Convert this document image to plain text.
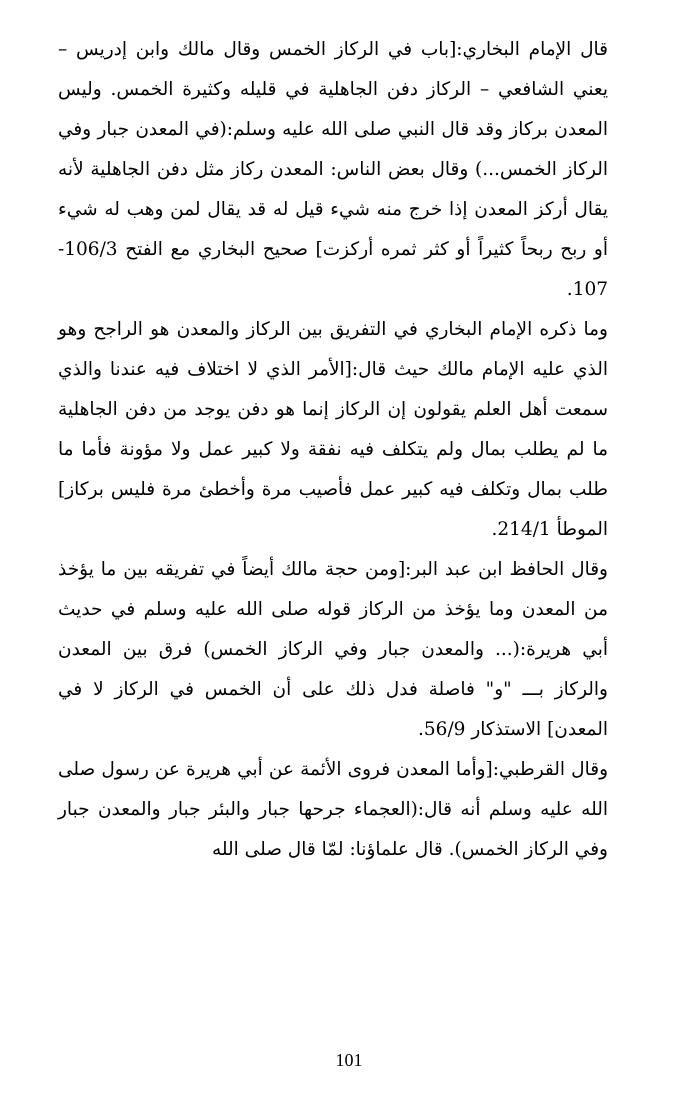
قال الإمام البخاري:[باب في الركاز الخمس وقال مالك وابن إدريس – يعني الشافعي – الركاز دفن الجاهلية في قليله وكثيرة الخمس. وليس المعدن بركاز وقد قال النبي صلى الله عليه وسلم:(في المعدن جبار وفي الركاز الخمس...) وقال بعض الناس: المعدن ركاز مثل دفن الجاهلية لأنه يقال أركز المعدن إذا خرج منه شيء قيل له قد يقال لمن وهب له شيء أو ربح ربحاً كثيراً أو كثر ثمره أركزت] صحيح البخاري مع الفتح 106/3-107.

وما ذكره الإمام البخاري في التفريق بين الركاز والمعدن هو الراجح وهو الذي عليه الإمام مالك حيث قال:[الأمر الذي لا اختلاف فيه عندنا والذي سمعت أهل العلم يقولون إن الركاز إنما هو دفن يوجد من دفن الجاهلية ما لم يطلب بمال ولم يتكلف فيه نفقة ولا كبير عمل ولا مؤونة فأما ما طلب بمال وتكلف فيه كبير عمل فأصيب مرة وأخطئ مرة فليس بركاز] الموطأ 214/1.

وقال الحافظ ابن عبد البر:[ومن حجة مالك أيضاً في تفريقه بين ما يؤخذ من المعدن وما يؤخذ من الركاز قوله صلى الله عليه وسلم في حديث أبي هريرة:(... والمعدن جبار وفي الركاز الخمس) فرق بين المعدن والركاز بـــ "و" فاصلة فدل ذلك على أن الخمس في الركاز لا في المعدن] الاستذكار 56/9.

وقال القرطبي:[وأما المعدن فروى الأئمة عن أبي هريرة عن رسول صلى الله عليه وسلم أنه قال:(العجماء جرحها جبار والبئر جبار والمعدن جبار وفي الركاز الخمس). قال علماؤنا: لمّا قال صلى الله

101
